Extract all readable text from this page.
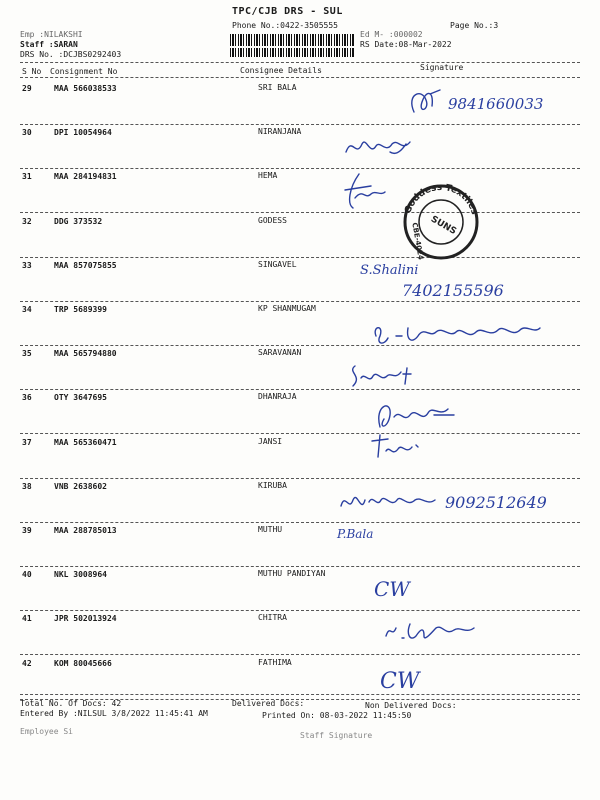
TPC/CJB DRS - SUL
Phone No.:0422-3505555	Page No.:3
Emp :NILAKSHI
Staff :SARAN
DRS No. :DCJBS0292403
Ed M- :000002
RS Date:08-Mar-2022
S No Consignment No	Consignee Details	Signature
29	MAA 566038533	SRI BALA
30	DPI 10054964	NIRANJANA
31	MAA 284194831	HEMA
32	DDG 373532	GODESS
33	MAA 857075855	SINGAVEL
34	TRP 5689399	KP SHANMUGAM
35	MAA 565794880	SARAVANAN
36	OTY 3647695	DHANRAJA
37	MAA 565360471	JANSI
38	VNB 2638602	KIRUBA
39	MAA 288785013	MUTHU
40	NKL 3008964	MUTHU PANDIYAN
41	JPR 502013924	CHITRA
42	KOM 80045666	FATHIMA
Goddess Textiles
CBE-4024 SUNS
9841660033
S.Shalini
7402155596
9092512649
P.Bala
CW
CW
Total No. Of Docs: 42	Delivered Docs:	Non Delivered Docs:
Entered By :NILSUL 3/8/2022 11:45:41 AM	Printed On: 08-03-2022 11:45:50
Employee Si	Staff Signature
